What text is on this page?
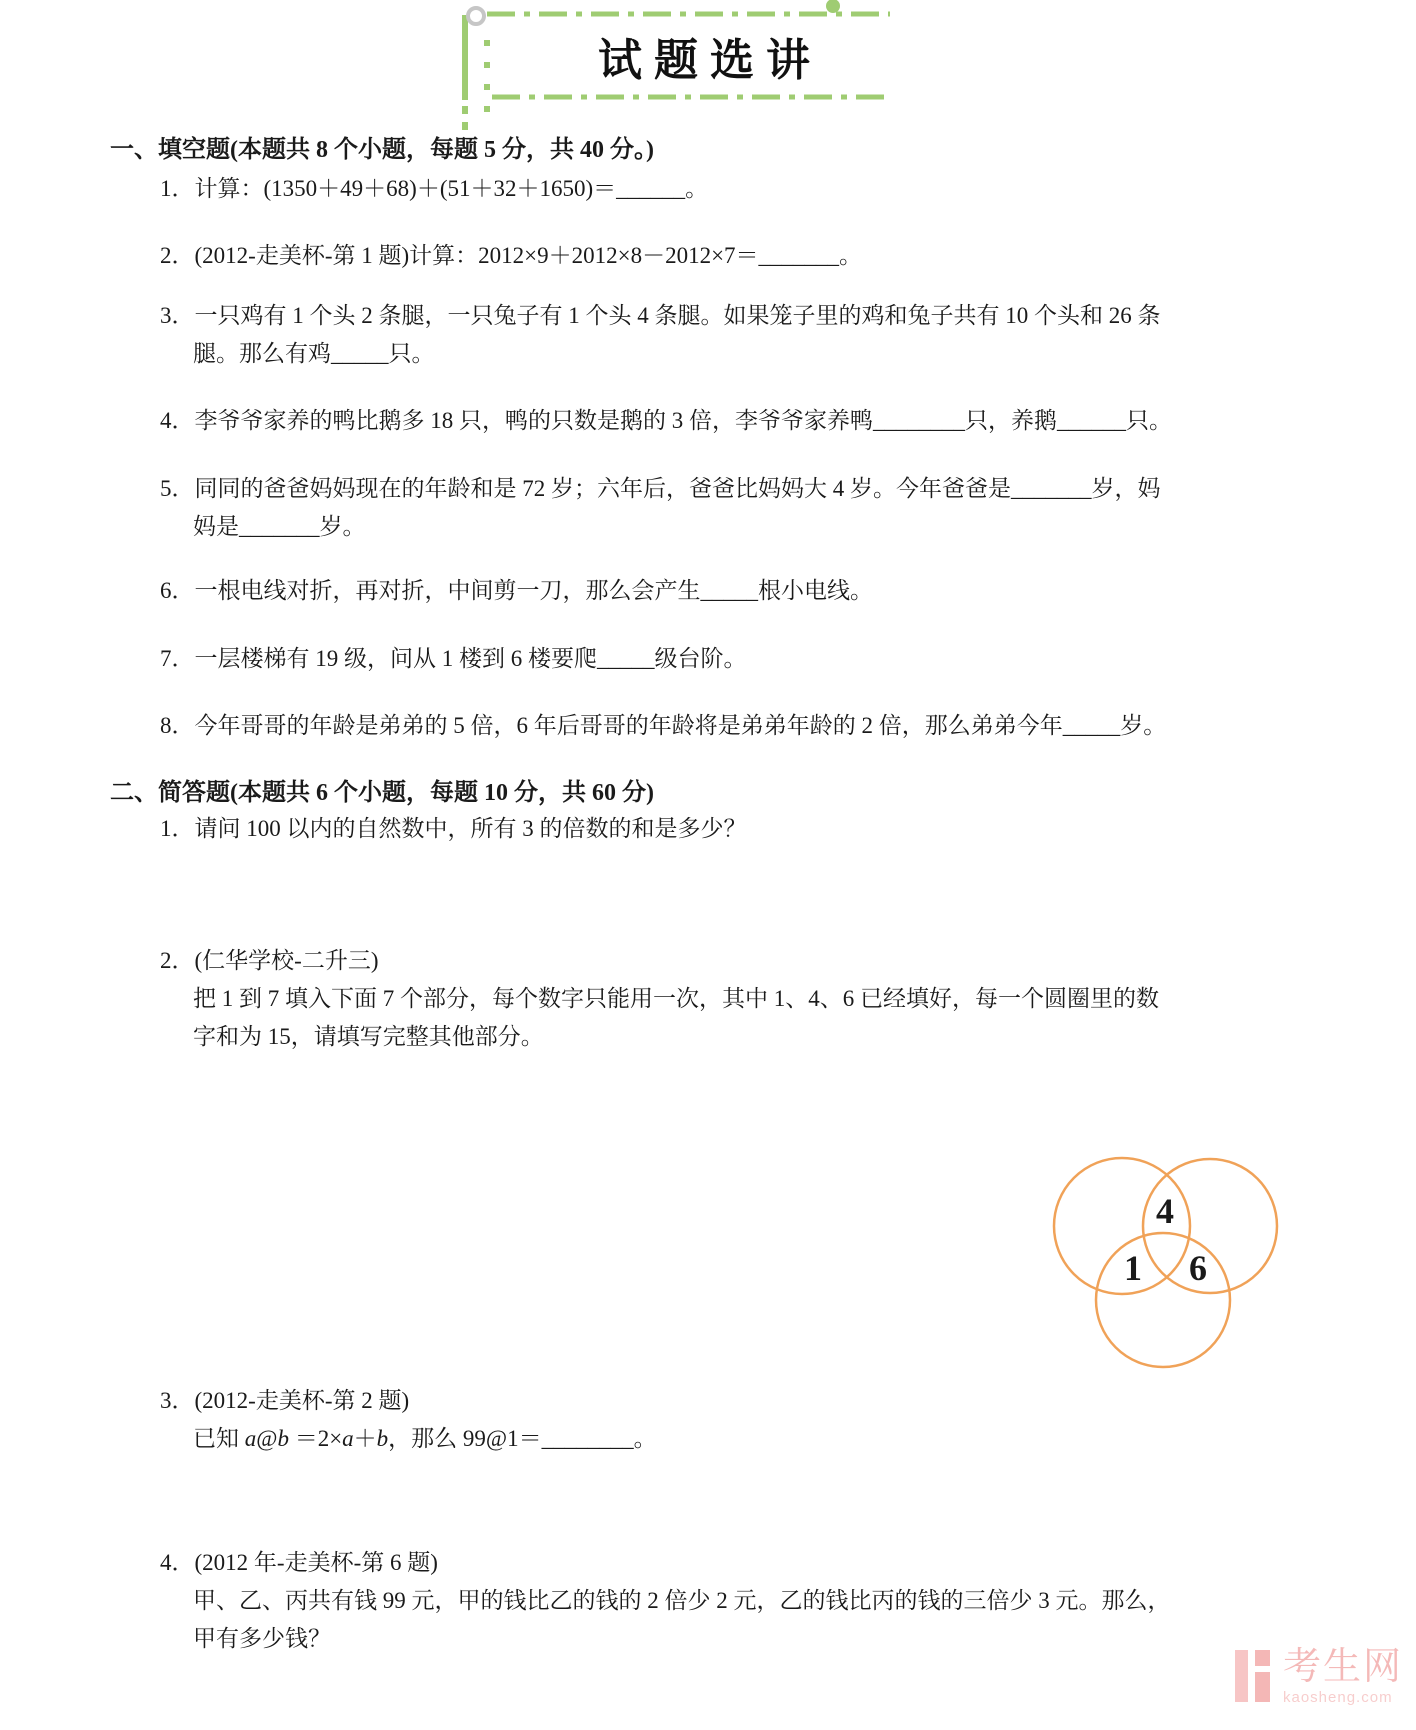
试题选讲
一、填空题(本题共 8 个小题，每题 5 分，共 40 分。)
1．计算：(1350＋49＋68)＋(51＋32＋1650)＝______。
2．(2012-走美杯-第 1 题)计算：2012×9＋2012×8－2012×7＝_______。
3．一只鸡有 1 个头 2 条腿，一只兔子有 1 个头 4 条腿。如果笼子里的鸡和兔子共有 10 个头和 26 条
腿。那么有鸡_____只。
4．李爷爷家养的鸭比鹅多 18 只，鸭的只数是鹅的 3 倍，李爷爷家养鸭________只，养鹅______只。
5．同同的爸爸妈妈现在的年龄和是 72 岁；六年后，爸爸比妈妈大 4 岁。今年爸爸是_______岁，妈
妈是_______岁。
6．一根电线对折，再对折，中间剪一刀，那么会产生_____根小电线。
7．一层楼梯有 19 级，问从 1 楼到 6 楼要爬_____级台阶。
8．今年哥哥的年龄是弟弟的 5 倍，6 年后哥哥的年龄将是弟弟年龄的 2 倍，那么弟弟今年_____岁。
二、简答题(本题共 6 个小题，每题 10 分，共 60 分)
1．请问 100 以内的自然数中，所有 3 的倍数的和是多少？
2．(仁华学校-二升三)
把 1 到 7 填入下面 7 个部分，每个数字只能用一次，其中 1、4、6 已经填好，每一个圆圈里的数
字和为 15，请填写完整其他部分。
4
1 6
3．(2012-走美杯-第 2 题)
已知 a@b ＝2×a＋b，那么 99@1＝________。
4．(2012 年-走美杯-第 6 题)
甲、乙、丙共有钱 99 元，甲的钱比乙的钱的 2 倍少 2 元，乙的钱比丙的钱的三倍少 3 元。那么，
甲有多少钱？
考生网
kaosheng.com
